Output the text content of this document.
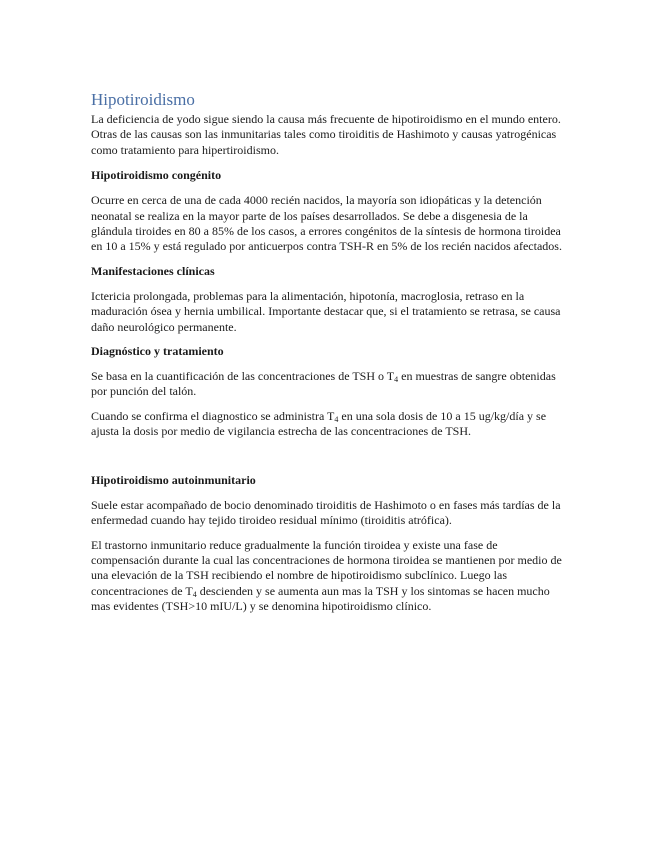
Hipotiroidismo

La deficiencia de yodo sigue siendo la causa más frecuente de hipotiroidismo en el mundo entero. Otras de las causas son las inmunitarias tales como tiroiditis de Hashimoto y causas yatrogénicas como tratamiento para hipertiroidismo.

Hipotiroidismo congénito

Ocurre en cerca de una de cada 4000 recién nacidos, la mayoría son idiopáticas y la detención neonatal se realiza en la mayor parte de los países desarrollados. Se debe a disgenesia de la glándula tiroides en 80 a 85% de los casos, a errores congénitos de la síntesis de hormona tiroidea en 10 a 15% y está regulado por anticuerpos contra TSH-R en 5% de los recién nacidos afectados.

Manifestaciones clínicas

Ictericia prolongada, problemas para la alimentación, hipotonía, macroglosia, retraso en la maduración ósea y hernia umbilical. Importante destacar que, si el tratamiento se retrasa, se causa daño neurológico permanente.

Diagnóstico y tratamiento

Se basa en la cuantificación de las concentraciones de TSH o $T_4$ en muestras de sangre obtenidas por punción del talón.

Cuando se confirma el diagnostico se administra $T_4$ en una sola dosis de 10 a 15 ug/kg/día y se ajusta la dosis por medio de vigilancia estrecha de las concentraciones de TSH.

Hipotiroidismo autoinmunitario

Suele estar acompañado de bocio denominado tiroiditis de Hashimoto o en fases más tardías de la enfermedad cuando hay tejido tiroideo residual mínimo (tiroiditis atrófica).

El trastorno inmunitario reduce gradualmente la función tiroidea y existe una fase de compensación durante la cual las concentraciones de hormona tiroidea se mantienen por medio de una elevación de la TSH recibiendo el nombre de hipotiroidismo subclínico. Luego las concentraciones de $T_4$ descienden y se aumenta aun mas la TSH y los sintomas se hacen mucho mas evidentes (TSH>10 mIU/L) y se denomina hipotiroidismo clínico.
